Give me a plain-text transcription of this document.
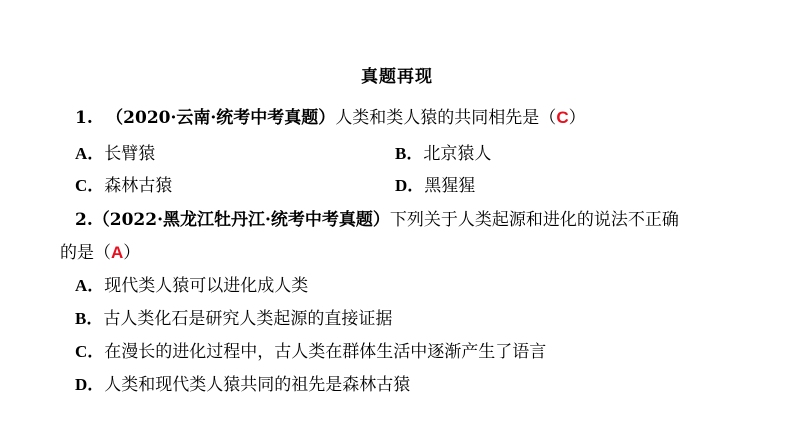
真题再现
1. （2020·云南·统考中考真题）人类和类人猿的共同相先是（C）
A．长臂猿	B．北京猿人
C．森林古猿	D．黑猩猩
2.（2022·黑龙江牡丹江·统考中考真题）下列关于人类起源和进化的说法不正确
的是（A）
A．现代类人猿可以进化成人类
B．古人类化石是研究人类起源的直接证据
C．在漫长的进化过程中，古人类在群体生活中逐渐产生了语言
D．人类和现代类人猿共同的祖先是森林古猿
